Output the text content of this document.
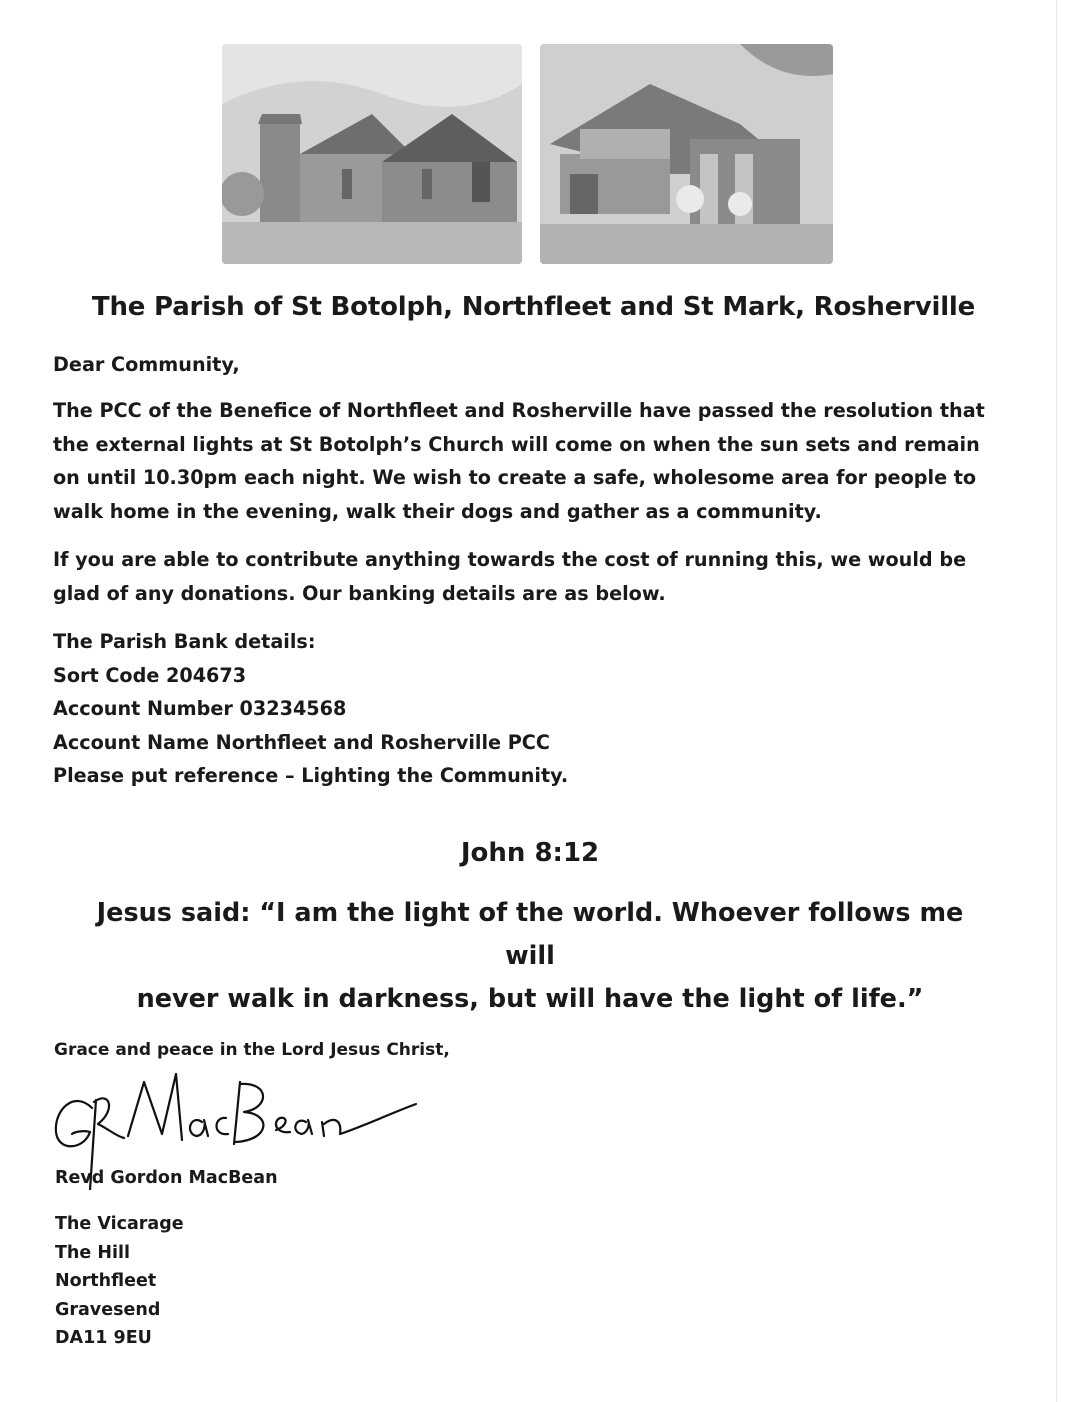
The Parish of St Botolph, Northfleet and St Mark, Rosherville
Dear Community,
The PCC of the Benefice of Northfleet and Rosherville have passed the resolution that the external lights at St Botolph’s Church will come on when the sun sets and remain on until 10.30pm each night. We wish to create a safe, wholesome area for people to walk home in the evening, walk their dogs and gather as a community.
If you are able to contribute anything towards the cost of running this, we would be glad of any donations. Our banking details are as below.
The Parish Bank details:
Sort Code 204673
Account Number 03234568
Account Name Northfleet and Rosherville PCC
Please put reference – Lighting the Community.
John 8:12
Jesus said: “I am the light of the world. Whoever follows me will
never walk in darkness, but will have the light of life.”
Grace and peace in the Lord Jesus Christ,
Revd Gordon MacBean
The Vicarage
The Hill
Northfleet
Gravesend
DA11 9EU
